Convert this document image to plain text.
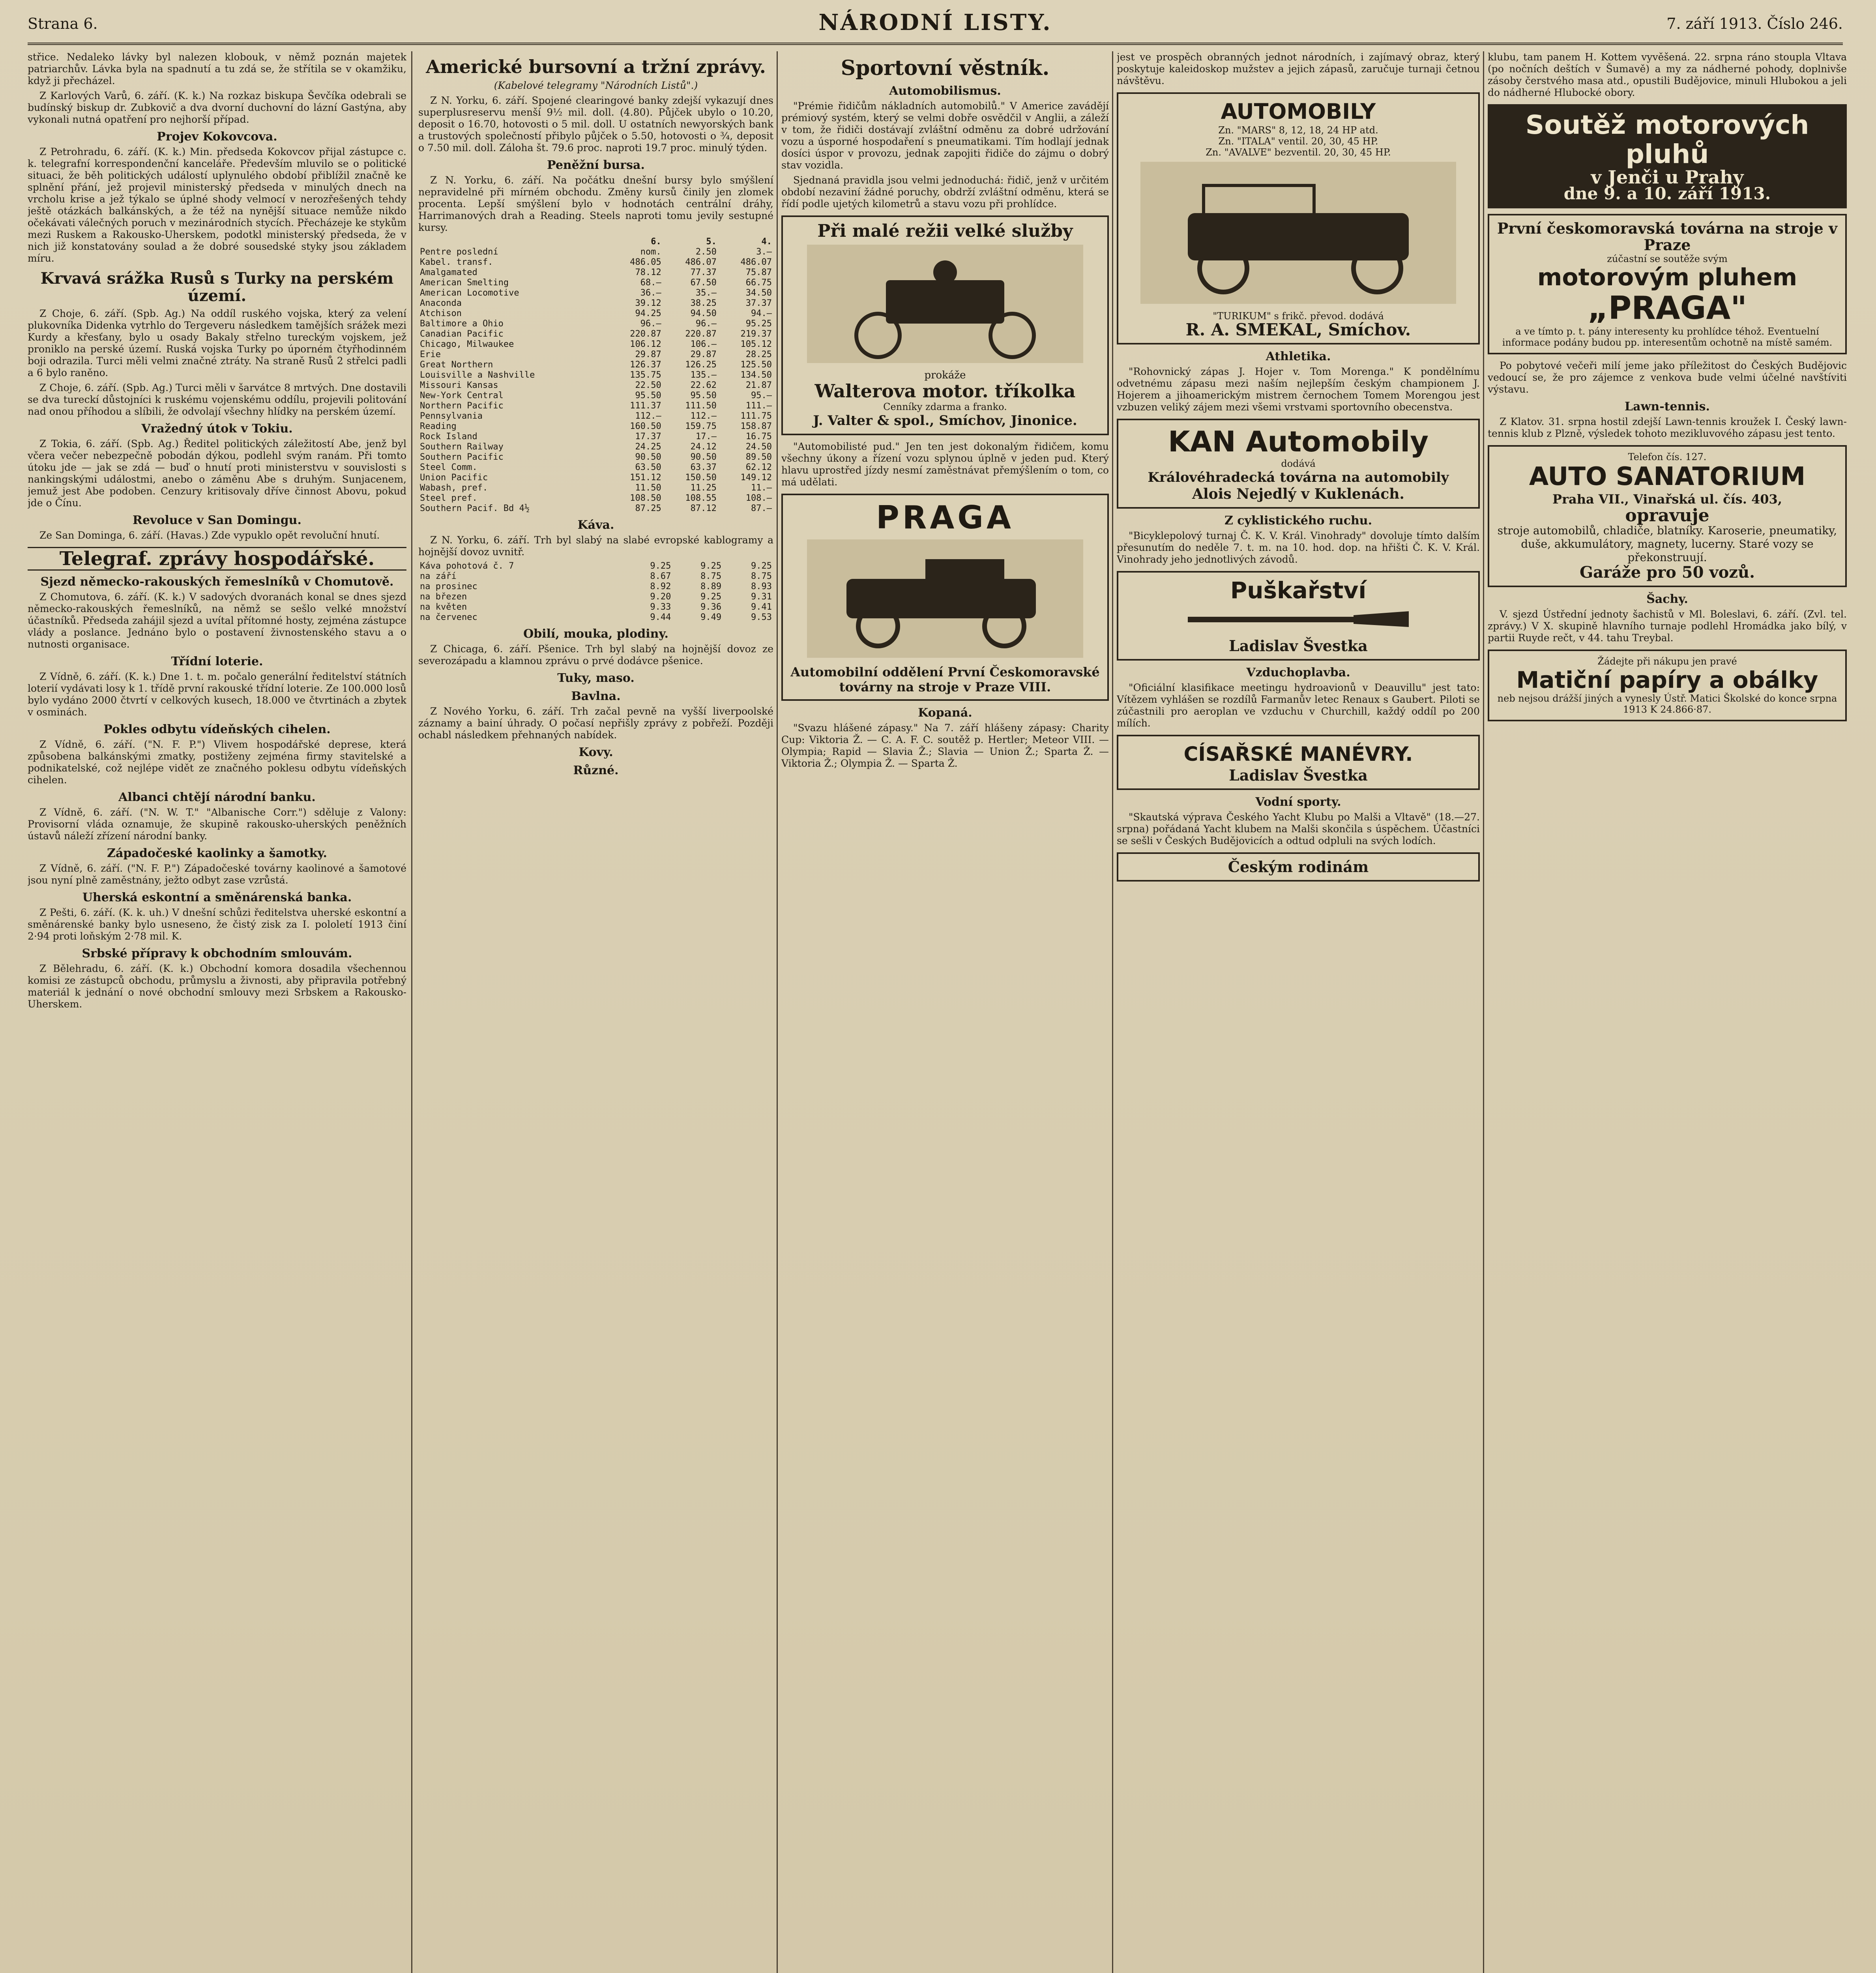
Strana 6.	NÁRODNÍ LISTY.	7. září 1913. Číslo 246.

střice. Nedaleko lávky byl nalezen klobouk, v němž poznán majetek patriarchův. Lávka byla na spadnutí a tu zdá se, že střítila se v okamžiku, když ji přecházel.

Z Karlových Varů, 6. září. (K. k.) Na rozkaz biskupa Ševčíka odebrali se budínský biskup dr. Zubkovič a dva dvorní duchovní do lázní Gastýna, aby vykonali nutná opatření pro nejhorší případ.

Projev Kokovcova.

Z Petrohradu, 6. září. (K. k.) Min. předseda Kokovcov přijal zástupce c. k. telegrafní korrespondenční kanceláře. Především mluvilo se o politické situaci, že běh politických událostí uplynulého období přiblížil značně ke splnění přání, jež projevil ministerský předseda v minulých dnech na vrcholu krise a jež týkalo se úplné shody velmocí v nerozřešených tehdy ještě otázkách balkánských, a že též na nynější situace nemůže nikdo očekávati válečných poruch v mezinárodních stycích. Přecházeje ke stykům mezi Ruskem a Rakousko-Uherskem, podotkl ministerský předseda, že v nich již konstatovány soulad a že dobré sousedské styky jsou základem míru.

Krvavá srážka Rusů s Turky na perském území.

Z Choje, 6. září. (Spb. Ag.) Na oddíl ruského vojska, který za velení plukovníka Didenka vytrhlo do Tergeveru následkem tamějších srážek mezi Kurdy a křesťany, bylo u osady Bakaly střelno tureckým vojskem, jež proniklo na perské území. Ruská vojska Turky po úporném čtyřhodinném boji odrazila. Turci měli velmi značné ztráty. Na straně Rusů 2 střelci padli a 6 bylo raněno.

Z Choje, 6. září. (Spb. Ag.) Turci měli v šarvátce 8 mrtvých. Dne dostavili se dva tureckí důstojníci k ruskému vojenskému oddílu, projevili politování nad onou příhodou a slíbili, že odvolají všechny hlídky na perském území.

Vražedný útok v Tokiu.

Z Tokia, 6. září. (Spb. Ag.) Ředitel politických záležitostí Abe, jenž byl včera večer nebezpečně pobodán dýkou, podlehl svým ranám. Při tomto útoku jde — jak se zdá — buď o hnutí proti ministerstvu v souvislosti s nankingskými událostmi, anebo o záměnu Abe s druhým. Sunjacenem, jemuž jest Abe podoben. Cenzury kritisovaly dříve činnost Abovu, pokud jde o Čínu.

Revoluce v San Domingu.

Ze San Dominga, 6. září. (Havas.) Zde vypuklo opět revoluční hnutí.

Telegraf. zprávy hospodářské.
Sjezd německo-rakouských řemeslníků v Chomutově.

Z Chomutova, 6. září. (K. k.) V sadových dvoranách konal se dnes sjezd německo-rakouských řemeslníků, na němž se sešlo velké množství účastníků. Předseda zahájil sjezd a uvítal přítomné hosty, zejména zástupce vlády a poslance. Jednáno bylo o postavení živnostenského stavu a o nutnosti organisace.

Třídní loterie.

Z Vídně, 6. září. (K. k.) Dne 1. t. m. počalo generální ředitelství státních loterií vydávati losy k 1. třídě první rakouské třídní loterie. Ze 100.000 losů bylo vydáno 2000 čtvrtí v celkových kusech, 18.000 ve čtvrtinách a zbytek v osminách.

Pokles odbytu vídeňských cihelen.

Z Vídně, 6. září. ("N. F. P.") Vlivem hospodářské deprese, která způsobena balkánskými zmatky, postiženy zejména firmy stavitelské a podnikatelské, což nejlépe vidět ze značného poklesu odbytu vídeňských cihelen.

Albanci chtějí národní banku.

Z Vídně, 6. září. ("N. W. T." "Albanische Corr.") sděluje z Valony: Provisorní vláda oznamuje, že skupině rakousko-uherských peněžních ústavů náleží zřízení národní banky.

Západočeské kaolinky a šamotky.

Z Vídně, 6. září. ("N. F. P.") Západočeské továrny kaolinové a šamotové jsou nyní plně zaměstnány, ježto odbyt zase vzrůstá.

Uherská eskontní a směnárenská banka.

Z Pešti, 6. září. (K. k. uh.) V dnešní schůzi ředitelstva uherské eskontní a směnárenské banky bylo usneseno, že čistý zisk za I. pololetí 1913 činí 2·94 proti loňským 2·78 mil. K.

Srbské přípravy k obchodním smlouvám.

Z Bělehradu, 6. září. (K. k.) Obchodní komora dosadila všechennou komisi ze zástupců obchodu, průmyslu a živnosti, aby připravila potřebný materiál k jednání o nové obchodní smlouvy mezi Srbskem a Rakousko-Uherskem.

Americké bursovní a tržní zprávy.
(Kabelové telegramy "Národních Listů".)

Z N. Yorku, 6. září. Spojené clearingové banky zdejší vykazují dnes superplusreservu menší 9½ mil. doll. (4.80). Půjček ubylo o 10.20, deposit o 16.70, hotovosti o 5 mil. doll. U ostatních newyorských bank a trustových společností přibylo půjček o 5.50, hotovosti o ¾, deposit o 7.50 mil. doll. Záloha št. 79.6 proc. naproti 19.7 proc. minulý týden.

Peněžní bursa.

Z N. Yorku, 6. září. Na počátku dnešní bursy bylo smýšlení nepravidelné při mírném obchodu. Změny kursů činily jen zlomek procenta. Lepší smýšlení bylo v hodnotách centrální dráhy, Harrimanových drah a Reading. Steels naproti tomu jevily sestupné kursy.

	6.	5.	4.
Pentre poslední	nom.	2.50	3.—
Kabel. transf.	486.05	486.07	486.07
Amalgamated	78.12	77.37	75.87
American Smelting	68.—	67.50	66.75
American Locomotive	36.—	35.—	34.50
Anaconda	39.12	38.25	37.37
Atchison	94.25	94.50	94.—
Baltimore a Ohio	96.—	96.—	95.25
Canadian Pacific	220.87	220.87	219.37
Chicago, Milwaukee	106.12	106.—	105.12
Erie	29.87	29.87	28.25
Great Northern	126.37	126.25	125.50
Louisville a Nashville	135.75	135.—	134.50
Missouri Kansas	22.50	22.62	21.87
New-York Central	95.50	95.50	95.—
Northern Pacific	111.37	111.50	111.—
Pennsylvania	112.—	112.—	111.75
Reading	160.50	159.75	158.87
Rock Island	17.37	17.—	16.75
Southern Railway	24.25	24.12	24.50
Southern Pacific	90.50	90.50	89.50
Steel Comm.	63.50	63.37	62.12
Union Pacific	151.12	150.50	149.12
Wabash, pref.	11.50	11.25	11.—
Steel pref.	108.50	108.55	108.—
Southern Pacif. Bd 4½	87.25	87.12	87.—
Káva.

Z N. Yorku, 6. září. Trh byl slabý na slabé evropské kablogramy a hojnější dovoz uvnitř.

Káva pohotová č. 7	9.25	9.25	9.25
na září	8.67	8.75	8.75
na prosinec	8.92	8.89	8.93
na březen	9.20	9.25	9.31
na květen	9.33	9.36	9.41
na červenec	9.44	9.49	9.53
Obilí, mouka, plodiny.

Z Chicaga, 6. září. Pšenice. Trh byl slabý na hojnější dovoz ze severozápadu a klamnou zprávu o prvé dodávce pšenice.

Tuky, maso.
Bavlna.

Z Nového Yorku, 6. září. Trh začal pevně na vyšší liverpoolské záznamy a bainí úhrady. O počasí nepřišly zprávy z pobřeží. Později ochabl následkem přehnaných nabídek.

Kovy.
Různé.
Sportovní věstník.
Automobilismus.

"Prémie řidičům nákladních automobilů." V Americe zavádějí prémiový systém, který se velmi dobře osvědčil v Anglii, a záleží v tom, že řidiči dostávají zvláštní odměnu za dobré udržování vozu a úsporné hospodaření s pneumatikami. Tím hodlají jednak dosíci úspor v provozu, jednak zapojiti řidiče do zájmu o dobrý stav vozidla.

Sjednaná pravidla jsou velmi jednoduchá: řidič, jenž v určitém období nezaviní žádné poruchy, obdrží zvláštní odměnu, která se řídí podle ujetých kilometrů a stavu vozu při prohlídce.

Při malé režii velké služby
prokáže
Walterova motor. tříkolka
Cenníky zdarma a franko.
J. Valter & spol., Smíchov, Jinonice.

"Automobilisté pud." Jen ten jest dokonalým řidičem, komu všechny úkony a řízení vozu splynou úplně v jeden pud. Který hlavu uprostřed jízdy nesmí zaměstnávat přemýšlením o tom, co má udělati.

PRAGA
Automobilní oddělení První Českomoravské továrny na stroje v Praze VIII.
Kopaná.

"Svazu hlášené zápasy." Na 7. září hlášeny zápasy: Charity Cup: Viktoria Ž. — C. A. F. C. soutěž p. Hertler; Meteor VIII. — Olympia; Rapid — Slavia Ž.; Slavia — Union Ž.; Sparta Ž. — Viktoria Ž.; Olympia Ž. — Sparta Ž.

jest ve prospěch obranných jednot národních, i zajímavý obraz, který poskytuje kaleidoskop mužstev a jejich zápasů, zaručuje turnaji četnou návštěvu.

AUTOMOBILY
Zn. "MARS" 8, 12, 18, 24 HP atd.
Zn. "ITALA" ventil. 20, 30, 45 HP.
Zn. "AVALVE" bezventil. 20, 30, 45 HP.
"TURIKUM" s frikč. převod. dodává
R. A. SMEKAL, Smíchov.
Athletika.

"Rohovnický zápas J. Hojer v. Tom Morenga." K pondělnímu odvetnému zápasu mezi naším nejlepším českým championem J. Hojerem a jihoamerickým mistrem černochem Tomem Morengou jest vzbuzen veliký zájem mezi všemi vrstvami sportovního obecenstva.

KAN Automobily
dodává
Královéhradecká továrna na automobily
Alois Nejedlý v Kuklenách.
Z cyklistického ruchu.

"Bicyklepolový turnaj Č. K. V. Král. Vinohrady" dovoluje tímto dalším přesunutím do neděle 7. t. m. na 10. hod. dop. na hřišti Č. K. V. Král. Vinohrady jeho jednotlivých závodů.

Puškařství
Ladislav Švestka
Vzduchoplavba.

"Oficiální klasifikace meetingu hydroavionů v Deauvillu" jest tato: Vítězem vyhlášen se rozdílů Farmanův letec Renaux s Gaubert. Piloti se zúčastnili pro aeroplan ve vzduchu v Churchill, každý oddíl po 200 mílích.

CÍSAŘSKÉ MANÉVRY.
Ladislav Švestka
Vodní sporty.

"Skautská výprava Českého Yacht Klubu po Malši a Vltavě" (18.—27. srpna) pořádaná Yacht klubem na Malši skončila s úspěchem. Účastníci se sešli v Českých Budějovicích a odtud odpluli na svých lodích.

Českým rodinám

klubu, tam panem H. Kottem vyvěšená. 22. srpna ráno stoupla Vltava (po nočních deštích v Šumavě) a my za nádherné pohody, doplnivše zásoby čerstvého masa atd., opustili Budějovice, minuli Hlubokou a jeli do nádherné Hlubocké obory.

Soutěž motorových pluhů
v Jenči u Prahy
dne 9. a 10. září 1913.
První českomoravská továrna na stroje v Praze
zúčastní se soutěže svým
motorovým pluhem
„PRAGA"
a ve tímto p. t. pány interesenty ku prohlídce téhož. Eventuelní informace podány budou pp. interesentům ochotně na místě samém.

Po pobytové večeři milí jeme jako příležitost do Českých Budějovic vedoucí se, že pro zájemce z venkova bude velmi účelné navštíviti výstavu.

Lawn-tennis.

Z Klatov. 31. srpna hostil zdejší Lawn-tennis kroužek I. Český lawn-tennis klub z Plzně, výsledek tohoto mezikluvového zápasu jest tento.

Telefon čís. 127.
AUTO SANATORIUM
Praha VII., Vinařská ul. čís. 403,
opravuje
stroje automobilů, chladiče, blatníky. Karoserie, pneumatiky, duše, akkumulátory, magnety, lucerny. Staré vozy se překonstruují.
Garáže pro 50 vozů.
Šachy.

V. sjezd Ústřední jednoty šachistů v Ml. Boleslavi, 6. září. (Zvl. tel. zprávy.) V X. skupině hlavního turnaje podlehl Hromádka jako bílý, v partii Ruyde rečt, v 44. tahu Treybal.

Žádejte při nákupu jen pravé
Matiční papíry a obálky
neb nejsou drážší jiných a vynesly Ústř. Matici Školské do konce srpna 1913 K 24.866·87.
